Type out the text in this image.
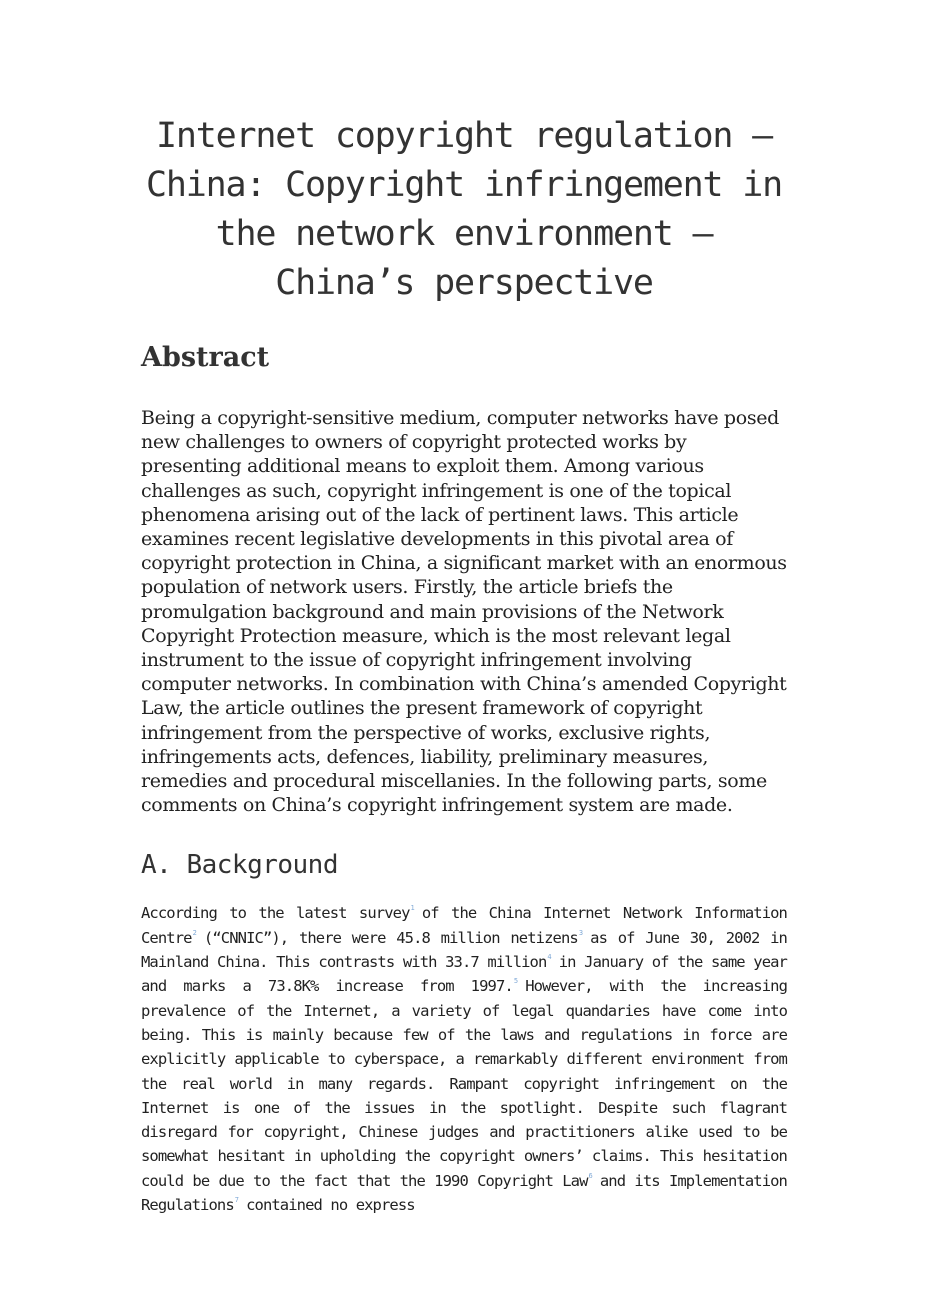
Internet copyright regulation — China: Copyright infringement in the network environment — China’s perspective
Abstract

Being a copyright-sensitive medium, computer networks have posed new challenges to owners of copyright protected works by presenting additional means to exploit them. Among various challenges as such, copyright infringement is one of the topical phenomena arising out of the lack of pertinent laws. This article examines recent legislative developments in this pivotal area of copyright protection in China, a significant market with an enormous population of network users. Firstly, the article briefs the promulgation background and main provisions of the Network Copyright Protection measure, which is the most relevant legal instrument to the issue of copyright infringement involving computer networks. In combination with China’s amended Copyright Law, the article outlines the present framework of copyright infringement from the perspective of works, exclusive rights, infringements acts, defences, liability, preliminary measures, remedies and procedural miscellanies. In the following parts, some comments on China’s copyright infringement system are made.

A. Background

According to the latest survey$^1$ of the China Internet Network Information Centre$^2$ (“CNNIC”), there were 45.8 million netizens$^3$ as of June 30, 2002 in Mainland China. This contrasts with 33.7 million$^4$ in January of the same year and marks a 73.8K% increase from 1997.$^5$ However, with the increasing prevalence of the Internet, a variety of legal quandaries have come into being. This is mainly because few of the laws and regulations in force are explicitly applicable to cyberspace, a remarkably different environment from the real world in many regards. Rampant copyright infringement on the Internet is one of the issues in the spotlight. Despite such flagrant disregard for copyright, Chinese judges and practitioners alike used to be somewhat hesitant in upholding the copyright owners’ claims. This hesitation could be due to the fact that the 1990 Copyright Law$^6$ and its Implementation Regulations$^7$ contained no express
